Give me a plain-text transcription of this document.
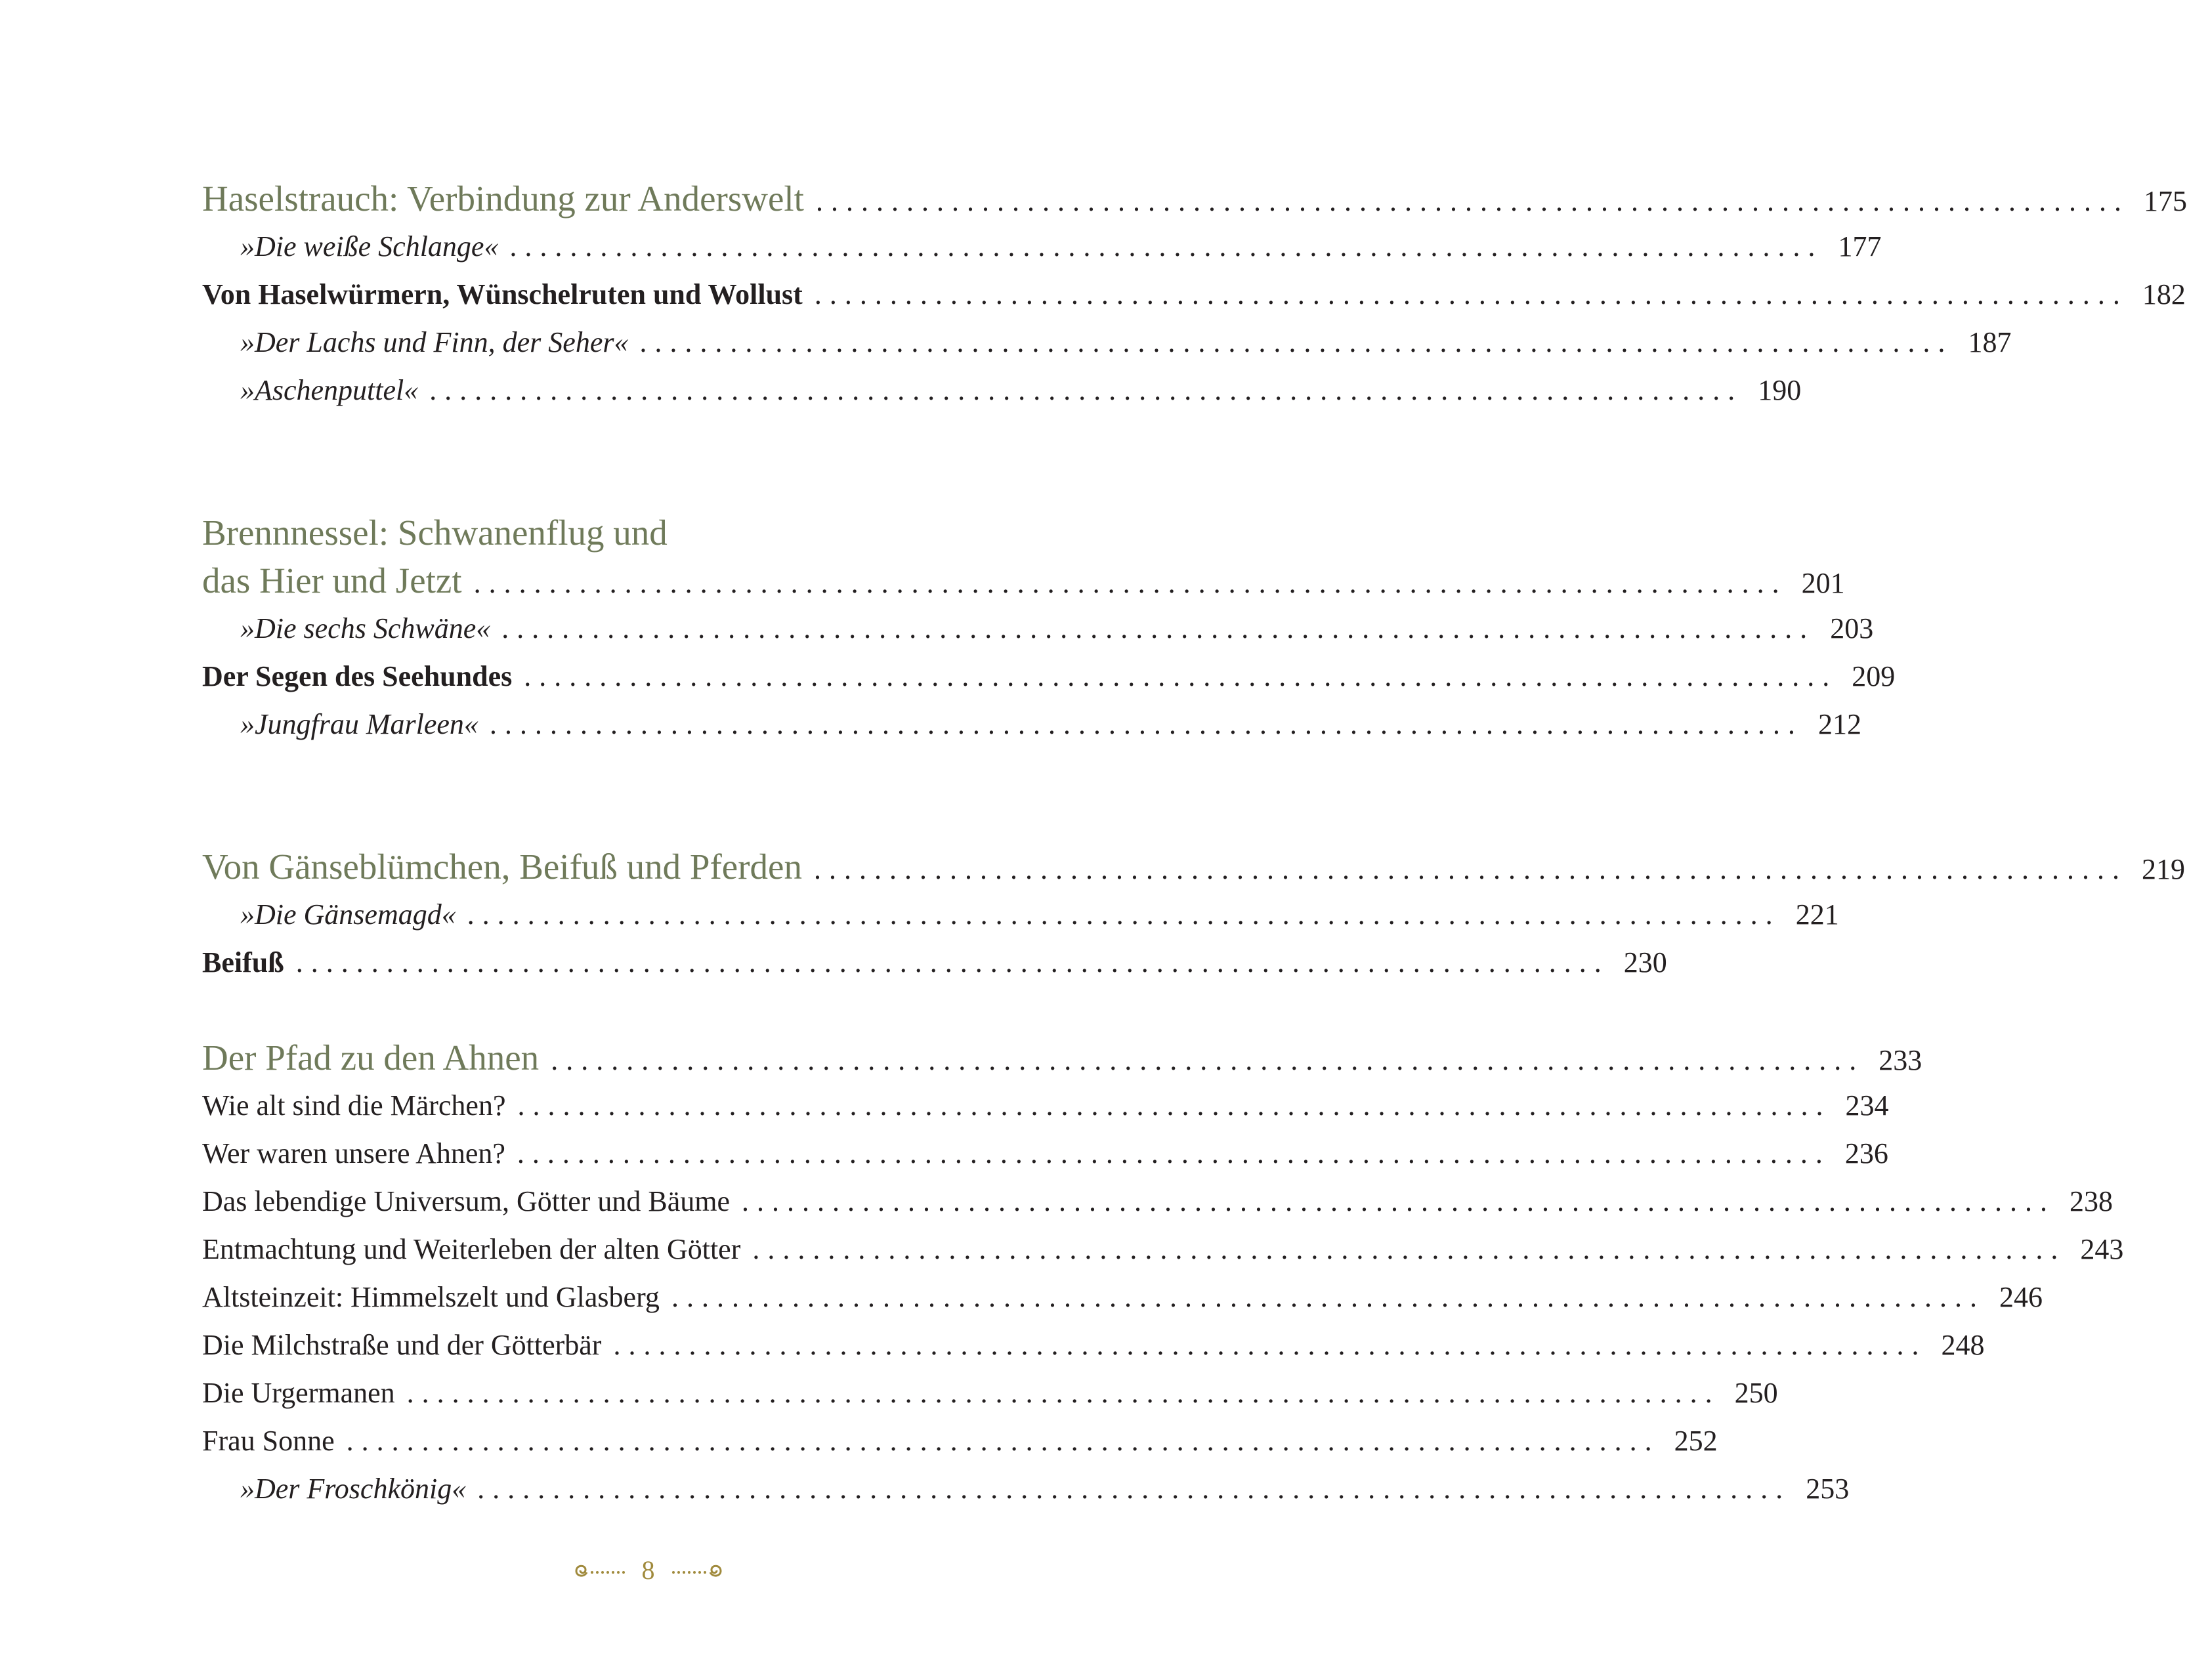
Haselstrauch: Verbindung zur Anderswelt ....................................................................................... 175
»Die weiße Schlange« ....................................................................................... 177
Von Haselwürmern, Wünschelruten und Wollust ....................................................................................... 182
»Der Lachs und Finn, der Seher« ....................................................................................... 187
»Aschenputtel« ....................................................................................... 190
Brennnessel: Schwanenflug und
das Hier und Jetzt ....................................................................................... 201
»Die sechs Schwäne« ....................................................................................... 203
Der Segen des Seehundes ....................................................................................... 209
»Jungfrau Marleen« ....................................................................................... 212
Von Gänseblümchen, Beifuß und Pferden ....................................................................................... 219
»Die Gänsemagd« ....................................................................................... 221
Beifuß ....................................................................................... 230
Der Pfad zu den Ahnen ....................................................................................... 233
Wie alt sind die Märchen? ....................................................................................... 234
Wer waren unsere Ahnen? ....................................................................................... 236
Das lebendige Universum, Götter und Bäume ....................................................................................... 238
Entmachtung und Weiterleben der alten Götter ....................................................................................... 243
Altsteinzeit: Himmelszelt und Glasberg ....................................................................................... 246
Die Milchstraße und der Götterbär ....................................................................................... 248
Die Urgermanen ....................................................................................... 250
Frau Sonne ....................................................................................... 252
»Der Froschkönig« ....................................................................................... 253
8
